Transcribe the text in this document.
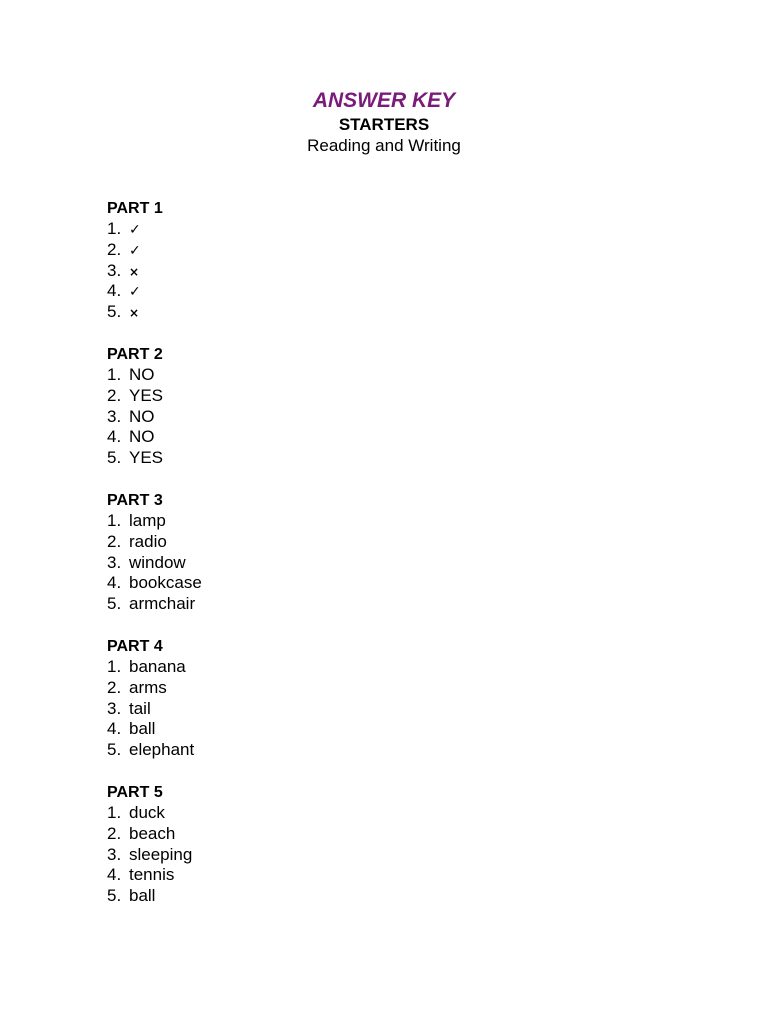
ANSWER KEY
STARTERS
Reading and Writing
PART 1
1. ✓
2. ✓
3. ×
4. ✓
5. ×
PART 2
1. NO
2. YES
3. NO
4. NO
5. YES
PART 3
1. lamp
2. radio
3. window
4. bookcase
5. armchair
PART 4
1. banana
2. arms
3. tail
4. ball
5. elephant
PART 5
1. duck
2. beach
3. sleeping
4. tennis
5. ball
